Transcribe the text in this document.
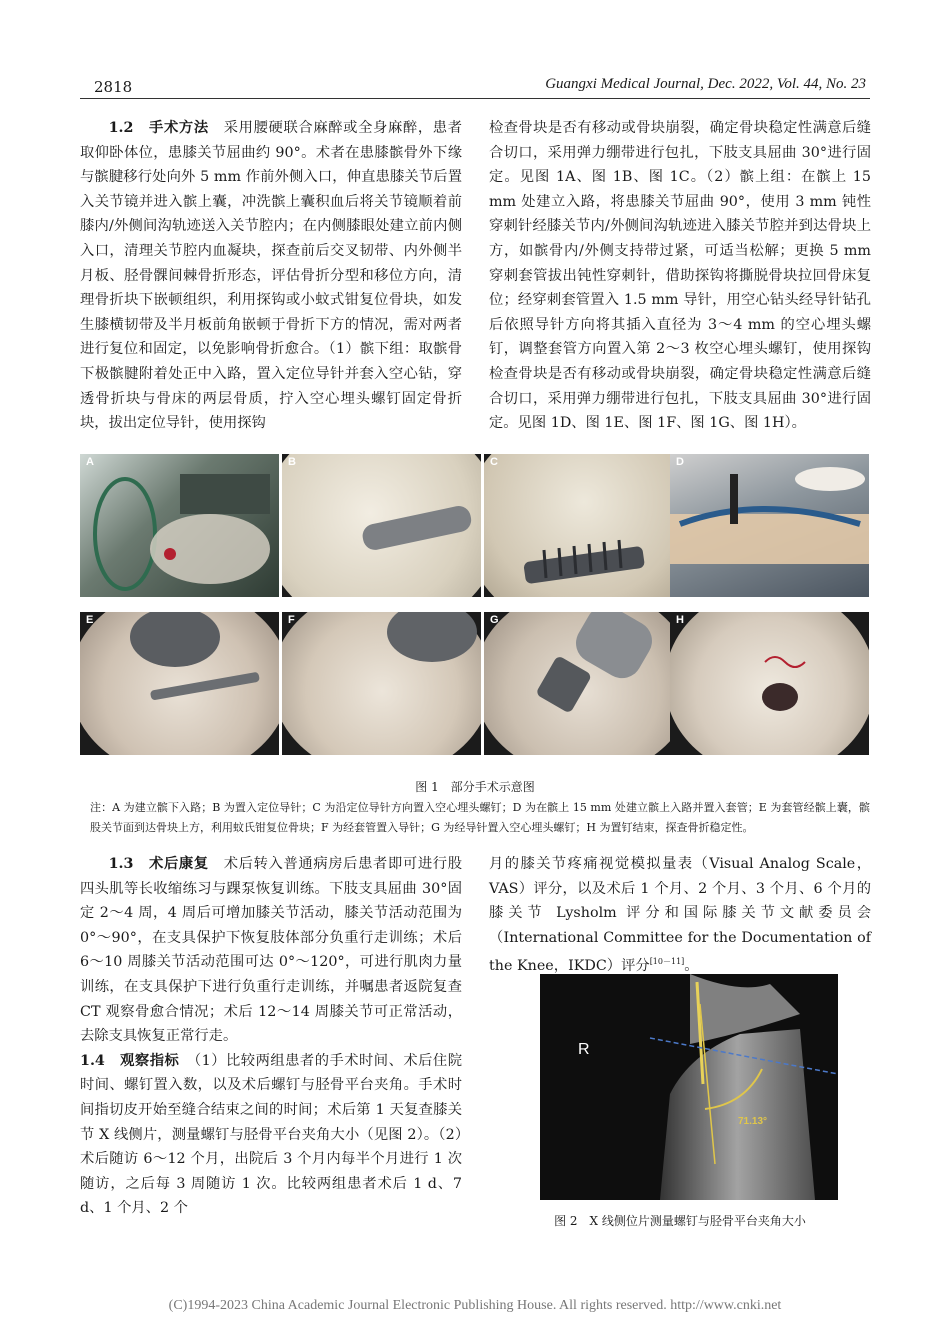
2818	Guangxi Medical Journal, Dec. 2022, Vol. 44, No. 23

1.2　手术方法　 采用腰硬联合麻醉或全身麻醉，患者取仰卧体位，患膝关节屈曲约 90°。术者在患膝髌骨外下缘与髌腱移行处向外 5 mm 作前外侧入口，伸直患膝关节后置入关节镜并进入髌上囊，冲洗髌上囊积血后将关节镜顺着前膝内/外侧间沟轨迹送入关节腔内；在内侧膝眼处建立前内侧入口，清理关节腔内血凝块，探查前后交叉韧带、内外侧半月板、胫骨髁间棘骨折形态，评估骨折分型和移位方向，清理骨折块下嵌顿组织，利用探钩或小蚊式钳复位骨块，如发生膝横韧带及半月板前角嵌顿于骨折下方的情况，需对两者进行复位和固定，以免影响骨折愈合。（1）髌下组：取髌骨下极髌腱附着处正中入路，置入定位导针并套入空心钻，穿透骨折块与骨床的两层骨质，拧入空心埋头螺钉固定骨折块，拔出定位导针，使用探钩

检查骨块是否有移动或骨块崩裂，确定骨块稳定性满意后缝合切口，采用弹力绷带进行包扎，下肢支具屈曲 30°进行固定。见图 1A、图 1B、图 1C。（2）髌上组：在髌上 15 mm 处建立入路，将患膝关节屈曲 90°，使用 3 mm 钝性穿刺针经膝关节内/外侧间沟轨迹进入膝关节腔并到达骨块上方，如髌骨内/外侧支持带过紧，可适当松解；更换 5 mm 穿刺套管拔出钝性穿刺针，借助探钩将撕脱骨块拉回骨床复位；经穿刺套管置入 1.5 mm 导针，用空心钻头经导针钻孔后依照导针方向将其插入直径为 3～4 mm 的空心埋头螺钉，调整套管方向置入第 2～3 枚空心埋头螺钉，使用探钩检查骨块是否有移动或骨块崩裂，确定骨块稳定性满意后缝合切口，采用弹力绷带进行包扎，下肢支具屈曲 30°进行固定。见图 1D、图 1E、图 1F、图 1G、图 1H）。

A	B	C	D
E	F	G	H
图 1　部分手术示意图
注：A 为建立髌下入路；B 为置入定位导针；C 为沿定位导针方向置入空心埋头螺钉；D 为在髌上 15 mm 处建立髌上入路并置入套管；E 为套管经髌上囊，髌股关节面到达骨块上方，利用蚊氏钳复位骨块；F 为经套管置入导针；G 为经导针置入空心埋头螺钉；H 为置钉结束，探查骨折稳定性。

1.3　术后康复　 术后转入普通病房后患者即可进行股四头肌等长收缩练习与踝泵恢复训练。下肢支具屈曲 30°固定 2～4 周，4 周后可增加膝关节活动，膝关节活动范围为 0°～90°，在支具保护下恢复肢体部分负重行走训练；术后 6～10 周膝关节活动范围可达 0°～120°，可进行肌肉力量训练，在支具保护下进行负重行走训练，并嘱患者返院复查 CT 观察骨愈合情况；术后 12～14 周膝关节可正常活动，去除支具恢复正常行走。

1.4　观察指标　 （1）比较两组患者的手术时间、术后住院时间、螺钉置入数，以及术后螺钉与胫骨平台夹角。手术时间指切皮开始至缝合结束之间的时间；术后第 1 天复查膝关节 X 线侧片，测量螺钉与胫骨平台夹角大小（见图 2）。（2）术后随访 6～12 个月，出院后 3 个月内每半个月进行 1 次随访，之后每 3 周随访 1 次。比较两组患者术后 1 d、7 d、1 个月、2 个

月的膝关节疼痛视觉模拟量表（Visual Analog Scale，VAS）评分，以及术后 1 个月、2 个月、3 个月、6 个月的膝关节 Lysholm 评分和国际膝关节文献委员会（International Committee for the Documentation of the Knee，IKDC）评分[10－11]。

R
71.13°
图 2　X 线侧位片测量螺钉与胫骨平台夹角大小
(C)1994-2023 China Academic Journal Electronic Publishing House. All rights reserved. http://www.cnki.net
